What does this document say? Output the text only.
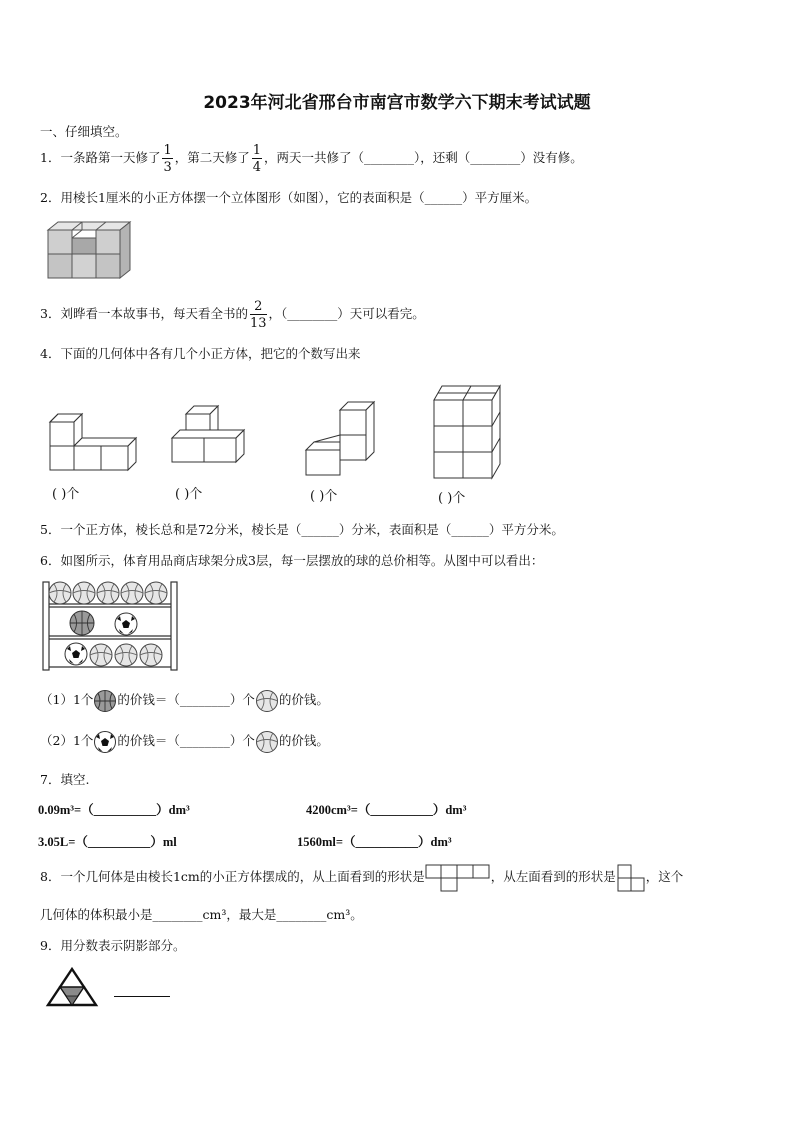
2023年河北省邢台市南宫市数学六下期末考试试题
一、仔细填空。
1．一条路第一天修了 $\frac{1}{3}$ ，第二天修了 $\frac{1}{4}$ ，两天一共修了（________），还剩（________）没有修。
2．用棱长1厘米的小正方体摆一个立体图形（如图），它的表面积是（______）平方厘米。
3．刘晔看一本故事书，每天看全书的 $\frac{2}{13}$ ，（________）天可以看完。
4．下面的几何体中各有几个小正方体，把它的个数写出来
( )个	( )个	( )个	( )个
5．一个正方体，棱长总和是72分米，棱长是（______）分米，表面积是（______）平方分米。
6．如图所示，体育用品商店球架分成3层，每一层摆放的球的总价相等。从图中可以看出：
（1）1个 的价钱＝（________）个 的价钱。
（2）1个 的价钱＝（________）个 的价钱。
7．填空.
0.09m³=（__________）dm³	4200cm³=（__________）dm³
3.05L=（__________）ml	1560ml=（__________）dm³
8．一个几何体是由棱长1cm的小正方体摆成的，从上面看到的形状是	，从左面看到的形状是 ，这个
几何体的体积最小是________cm³，最大是________cm³。
9．用分数表示阴影部分。
